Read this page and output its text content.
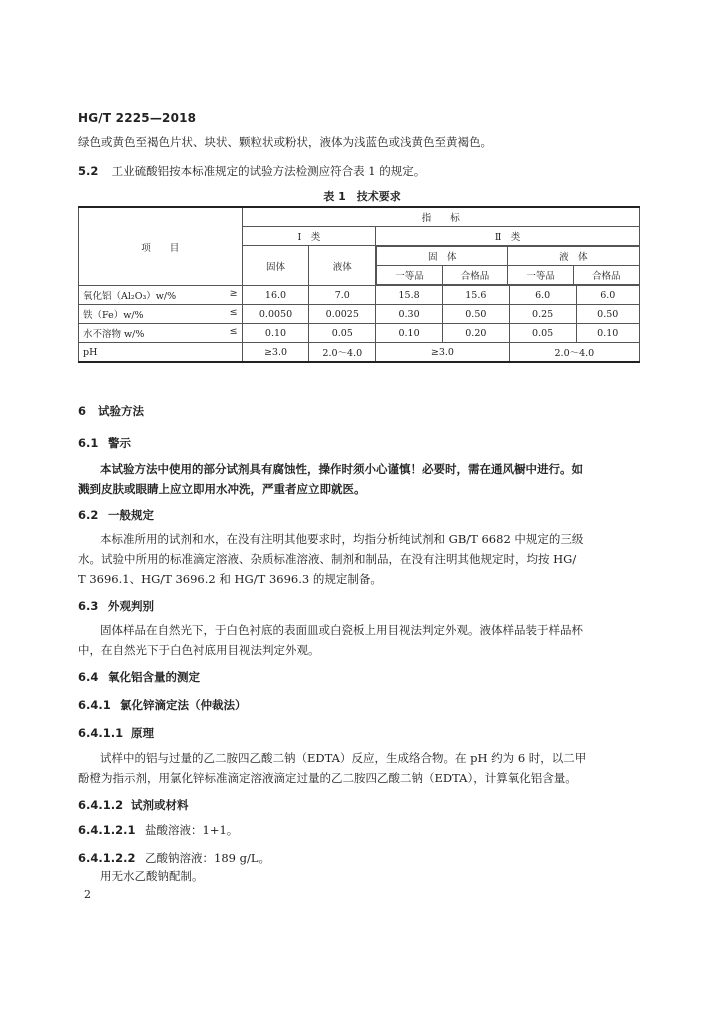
HG/T 2225—2018
绿色或黄色至褐色片状、块状、颗粒状或粉状，液体为浅蓝色或浅黄色至黄褐色。
5.2 工业硫酸铝按本标准规定的试验方法检测应符合表 1 的规定。
表 1　技术要求
项　　目	指　　标
Ⅰ　类	Ⅱ　类
固体	液体	
固　体	液　体
一等品	合格品	一等品	合格品

氧化铝（Al₂O₃）w/%	≥	16.0	7.0	15.8	15.6	6.0	6.0
铁（Fe）w/%	≤	0.0050	0.0025	0.30	0.50	0.25	0.50
水不溶物 w/%	≤	0.10	0.05	0.10	0.20	0.05	0.10
pH	≥3.0	2.0～4.0	≥3.0	2.0～4.0
6 试验方法
6.1 警示
本试验方法中使用的部分试剂具有腐蚀性，操作时须小心谨慎！必要时，需在通风橱中进行。如
溅到皮肤或眼睛上应立即用水冲洗，严重者应立即就医。
6.2 一般规定
本标准所用的试剂和水，在没有注明其他要求时，均指分析纯试剂和 GB/T 6682 中规定的三级
水。试验中所用的标准滴定溶液、杂质标准溶液、制剂和制品，在没有注明其他规定时，均按 HG/
T 3696.1、HG/T 3696.2 和 HG/T 3696.3 的规定制备。
6.3 外观判别
固体样品在自然光下，于白色衬底的表面皿或白瓷板上用目视法判定外观。液体样品装于样品杯
中，在自然光下于白色衬底用目视法判定外观。
6.4 氧化铝含量的测定
6.4.1 氯化锌滴定法（仲裁法）
6.4.1.1 原理
试样中的铝与过量的乙二胺四乙酸二钠（EDTA）反应，生成络合物。在 pH 约为 6 时，以二甲
酚橙为指示剂，用氯化锌标准滴定溶液滴定过量的乙二胺四乙酸二钠（EDTA），计算氧化铝含量。
6.4.1.2 试剂或材料
6.4.1.2.1 盐酸溶液：1+1。
6.4.1.2.2 乙酸钠溶液：189 g/L。
用无水乙酸钠配制。
2
